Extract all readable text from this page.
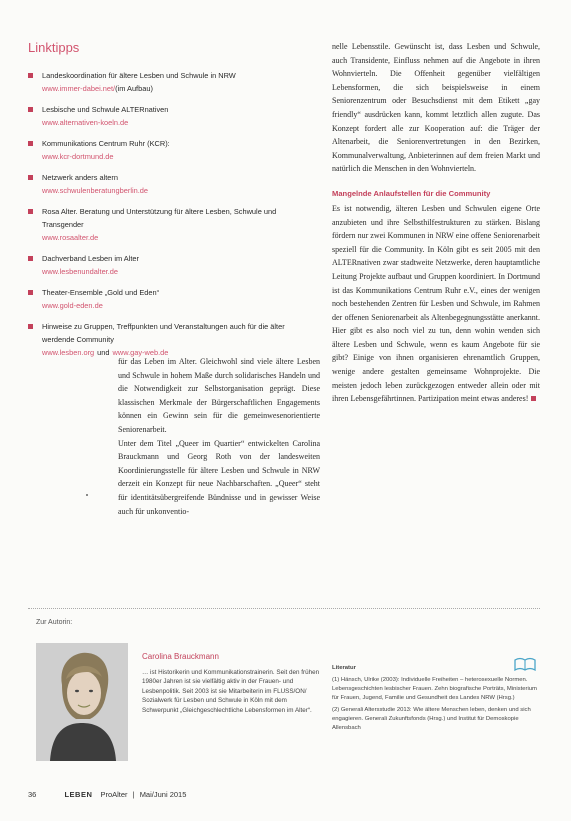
Linktipps
Landeskoordination für ältere Lesben und Schwule in NRW
www.immer-dabei.net/(im Aufbau)
Lesbische und Schwule ALTERnativen
www.alternativen-koeln.de
Kommunikations Centrum Ruhr (KCR):
www.kcr-dortmund.de
Netzwerk anders altern
www.schwulenberatungberlin.de
Rosa Alter. Beratung und Unterstützung für ältere Lesben, Schwule und Transgender
www.rosaalter.de
Dachverband Lesben im Alter
www.lesbenundalter.de
Theater-Ensemble „Gold und Eden“
www.gold-eden.de
Hinweise zu Gruppen, Treffpunkten und Veranstaltungen auch für die älter werdende Community
www.lesben.org und www.gay-web.de

für das Leben im Alter. Gleichwohl sind viele ältere Lesben und Schwule in hohem Maße durch solidarisches Handeln und die Notwendigkeit zur Selbstorganisation geprägt. Diese klassischen Merkmale der Bürgerschaftlichen Engagements können ein Gewinn sein für die gemeinwesenorientierte Seniorenarbeit.

Unter dem Titel „Queer im Quartier“ entwickelten Carolina Brauckmann und Georg Roth von der landesweiten Koordinierungsstelle für ältere Lesben und Schwule in NRW derzeit ein Konzept für neue Nachbarschaften. „Queer“ steht für identitätsübergreifende Bündnisse und in gewisser Weise auch für unkonventio-

nelle Lebensstile. Gewünscht ist, dass Lesben und Schwule, auch Transidente, Einfluss nehmen auf die Angebote in ihren Wohnvierteln. Die Offenheit gegenüber vielfältigen Lebensformen, die sich beispielsweise in einem Seniorenzentrum oder Besuchsdienst mit dem Etikett „gay friendly“ ausdrücken kann, kommt letztlich allen zugute. Das Konzept fordert alle zur Kooperation auf: die Träger der Altenarbeit, die Seniorenvertretungen in den Bezirken, Kommunalverwaltung, Anbieterinnen auf dem freien Markt und natürlich die Menschen in den Wohnvierteln.

Mangelnde Anlaufstellen für die Community

Es ist notwendig, älteren Lesben und Schwulen eigene Orte anzubieten und ihre Selbsthilfestrukturen zu stärken. Bislang fördern nur zwei Kommunen in NRW eine offene Seniorenarbeit speziell für die Community. In Köln gibt es seit 2005 mit den ALTERnativen zwar stadtweite Netzwerke, deren hauptamtliche Leitung Projekte aufbaut und Gruppen koordiniert. In Dortmund ist das Kommunikations Centrum Ruhr e.V., eines der wenigen noch bestehenden Zentren für Lesben und Schwule, im Rahmen der offenen Seniorenarbeit als Altenbegegnungsstätte anerkannt. Hier gibt es also noch viel zu tun, denn wohin wenden sich ältere Lesben und Schwule, wenn es kaum Angebote für sie gibt? Einige von ihnen organisieren ehrenamtlich Gruppen, wenige andere gestalten gemeinsame Wohnprojekte. Die meisten jedoch leben zurückgezogen entweder allein oder mit ihren Lebensgefährtinnen. Partizipation meint etwas anderes!

Zur Autorin:
Carolina Brauckmann
… ist Historikerin und Kommunikationstrainerin. Seit den frühen 1980er Jahren ist sie vielfältig aktiv in der Frauen- und Lesbenpolitik. Seit 2003 ist sie Mitarbeiterin im FLUSS/ON/ Sozialwerk für Lesben und Schwule in Köln mit dem Schwerpunkt „Gleichgeschlechtliche Lebensformen im Alter“.
Literatur
(1) Hänsch, Ulrike (2003): Individuelle Freiheiten – heterosexuelle Normen. Lebensgeschichten lesbischer Frauen. Zehn biografische Porträts, Ministerium für Frauen, Jugend, Familie und Gesundheit des Landes NRW (Hrsg.)
(2) Generali Altersstudie 2013: Wie ältere Menschen leben, denken und sich engagieren. Generali Zukunftsfonds (Hrsg.) und Institut für Demoskopie Allensbach
36	LEBEN ProAlter | Mai/Juni 2015
